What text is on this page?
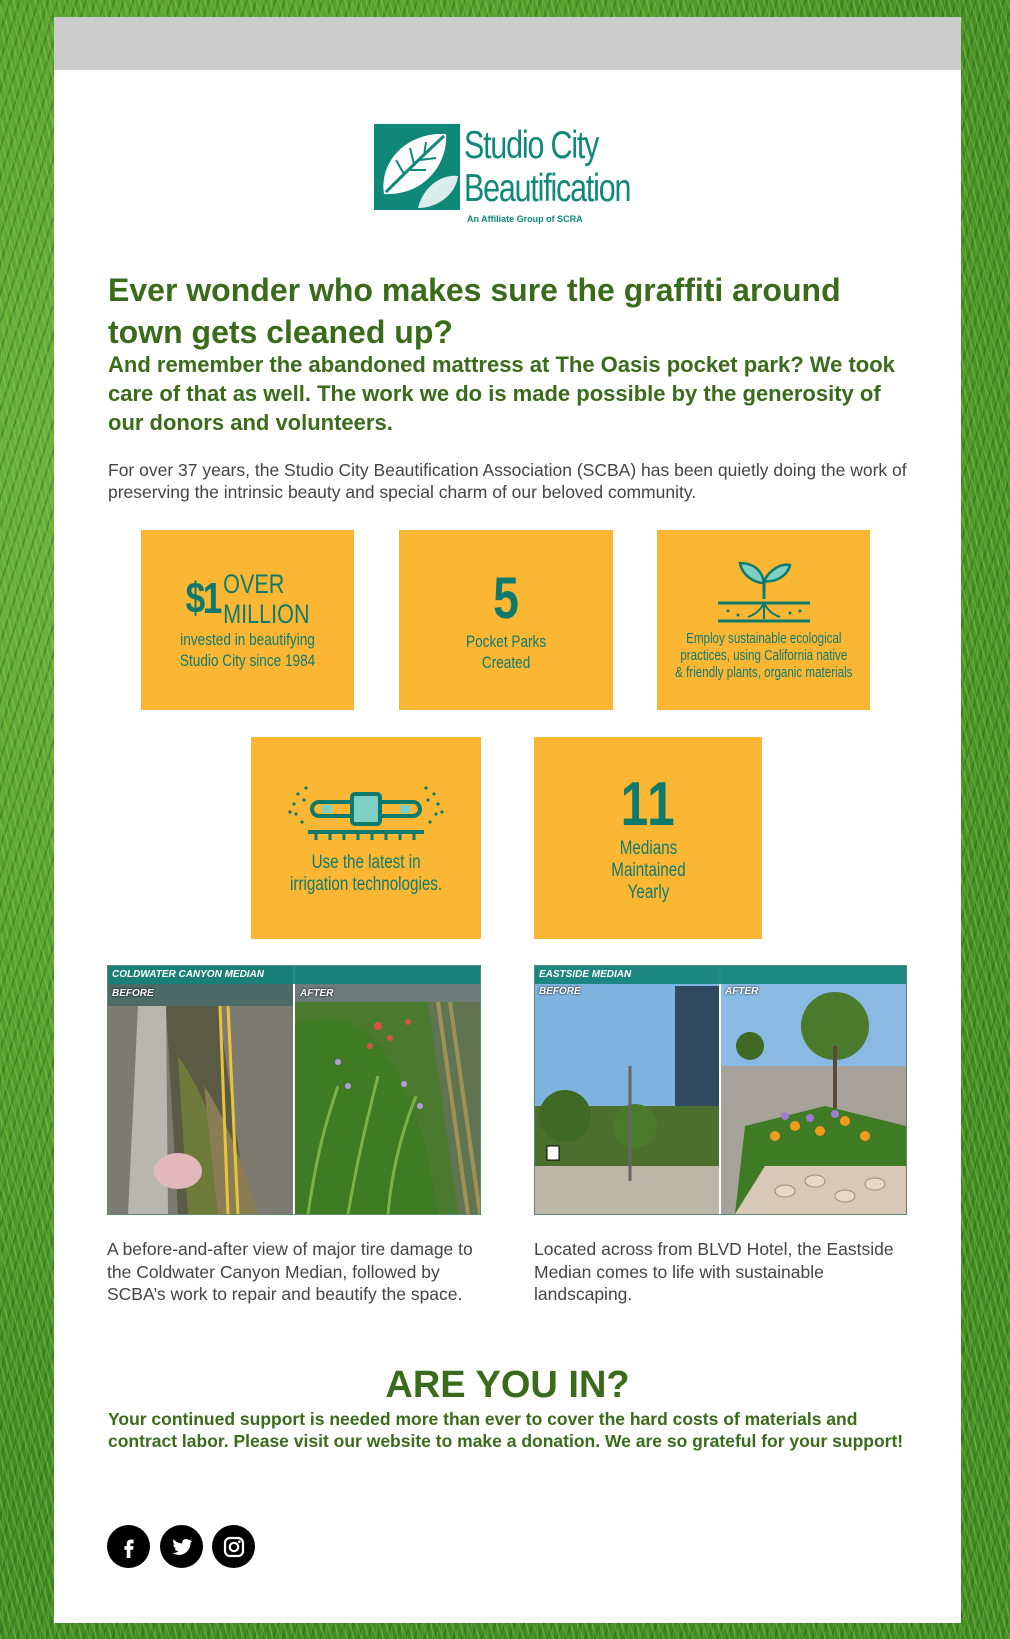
Studio City
Beautification
An Affiliate Group of SCRA
Ever wonder who makes sure the graffiti around town gets cleaned up?
And remember the abandoned mattress at The Oasis pocket park? We took care of that as well. The work we do is made possible by the generosity of our donors and volunteers.

For over 37 years, the Studio City Beautification Association (SCBA) has been quietly doing the work of preserving the intrinsic beauty and special charm of our beloved community.

$1 OVER
MILLION
invested in beautifying
Studio City since 1984
5
Pocket Parks
Created
Employ sustainable ecological
practices, using California native
& friendly plants, organic materials
Use the latest in
irrigation technologies.
11
Medians
Maintained
Yearly
COLDWATER CANYON MEDIAN
BEFORE	AFTER
EASTSIDE MEDIAN
BEFORE	AFTER

A before-and-after view of major tire damage to the Coldwater Canyon Median, followed by SCBA’s work to repair and beautify the space.

Located across from BLVD Hotel, the Eastside Median comes to life with sustainable landscaping.

ARE YOU IN?

Your continued support is needed more than ever to cover the hard costs of materials and contract labor. Please visit our website to make a donation. We are so grateful for your support!
